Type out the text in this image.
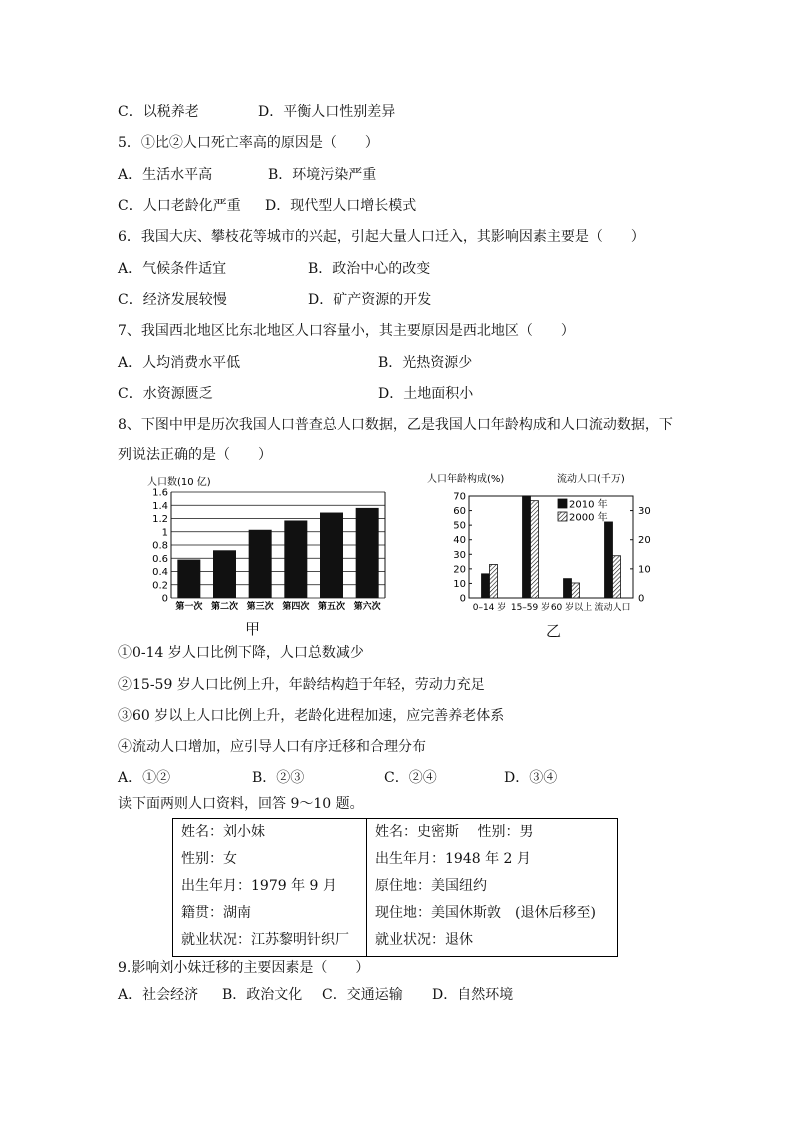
C．以税养老	D．平衡人口性别差异
5．①比②人口死亡率高的原因是（　　）
A．生活水平高	B．环境污染严重
C．人口老龄化严重 D．现代型人口增长模式
6．我国大庆、攀枝花等城市的兴起，引起大量人口迁入，其影响因素主要是（　　）
A．气候条件适宜	B．政治中心的改变
C．经济发展较慢	D．矿产资源的开发
7、我国西北地区比东北地区人口容量小，其主要原因是西北地区（　　）
A．人均消费水平低	B．光热资源少
C．水资源匮乏	D．土地面积小
8、下图中甲是历次我国人口普查总人口数据，乙是我国人口年龄构成和人口流动数据，下
列说法正确的是（　　）
人口数(10 亿)
1.6
1.4
1.2
1
0.8
0.6
0.4
0.2
0
第一次 第二次 第三次 第四次 第五次 第六次
甲
人口年龄构成(%)	流动人口(千万)
70
60
50
40
30
20
10
0
30
20
10
0
0–14 岁 15–59 岁 60 岁以上 流动人口
2010 年
2000 年
乙
①0-14 岁人口比例下降，人口总数减少
②15-59 岁人口比例上升，年龄结构趋于年轻，劳动力充足
③60 岁以上人口比例上升，老龄化进程加速，应完善养老体系
④流动人口增加，应引导人口有序迁移和合理分布
A．①②	B．②③	C．②④	D．③④
读下面两则人口资料，回答 9～10 题。
姓名：刘小妹
性别：女
出生年月：1979 年 9 月
籍贯：湖南
就业状况：江苏黎明针织厂

姓名：史密斯　 性别：男
出生年月：1948 年 2 月
原住地：美国纽约
现住地：美国休斯敦　(退休后移至)
就业状况：退休
9.影响刘小妹迁移的主要因素是（　　）
A．社会经济 B．政治文化 C．交通运输 D．自然环境
